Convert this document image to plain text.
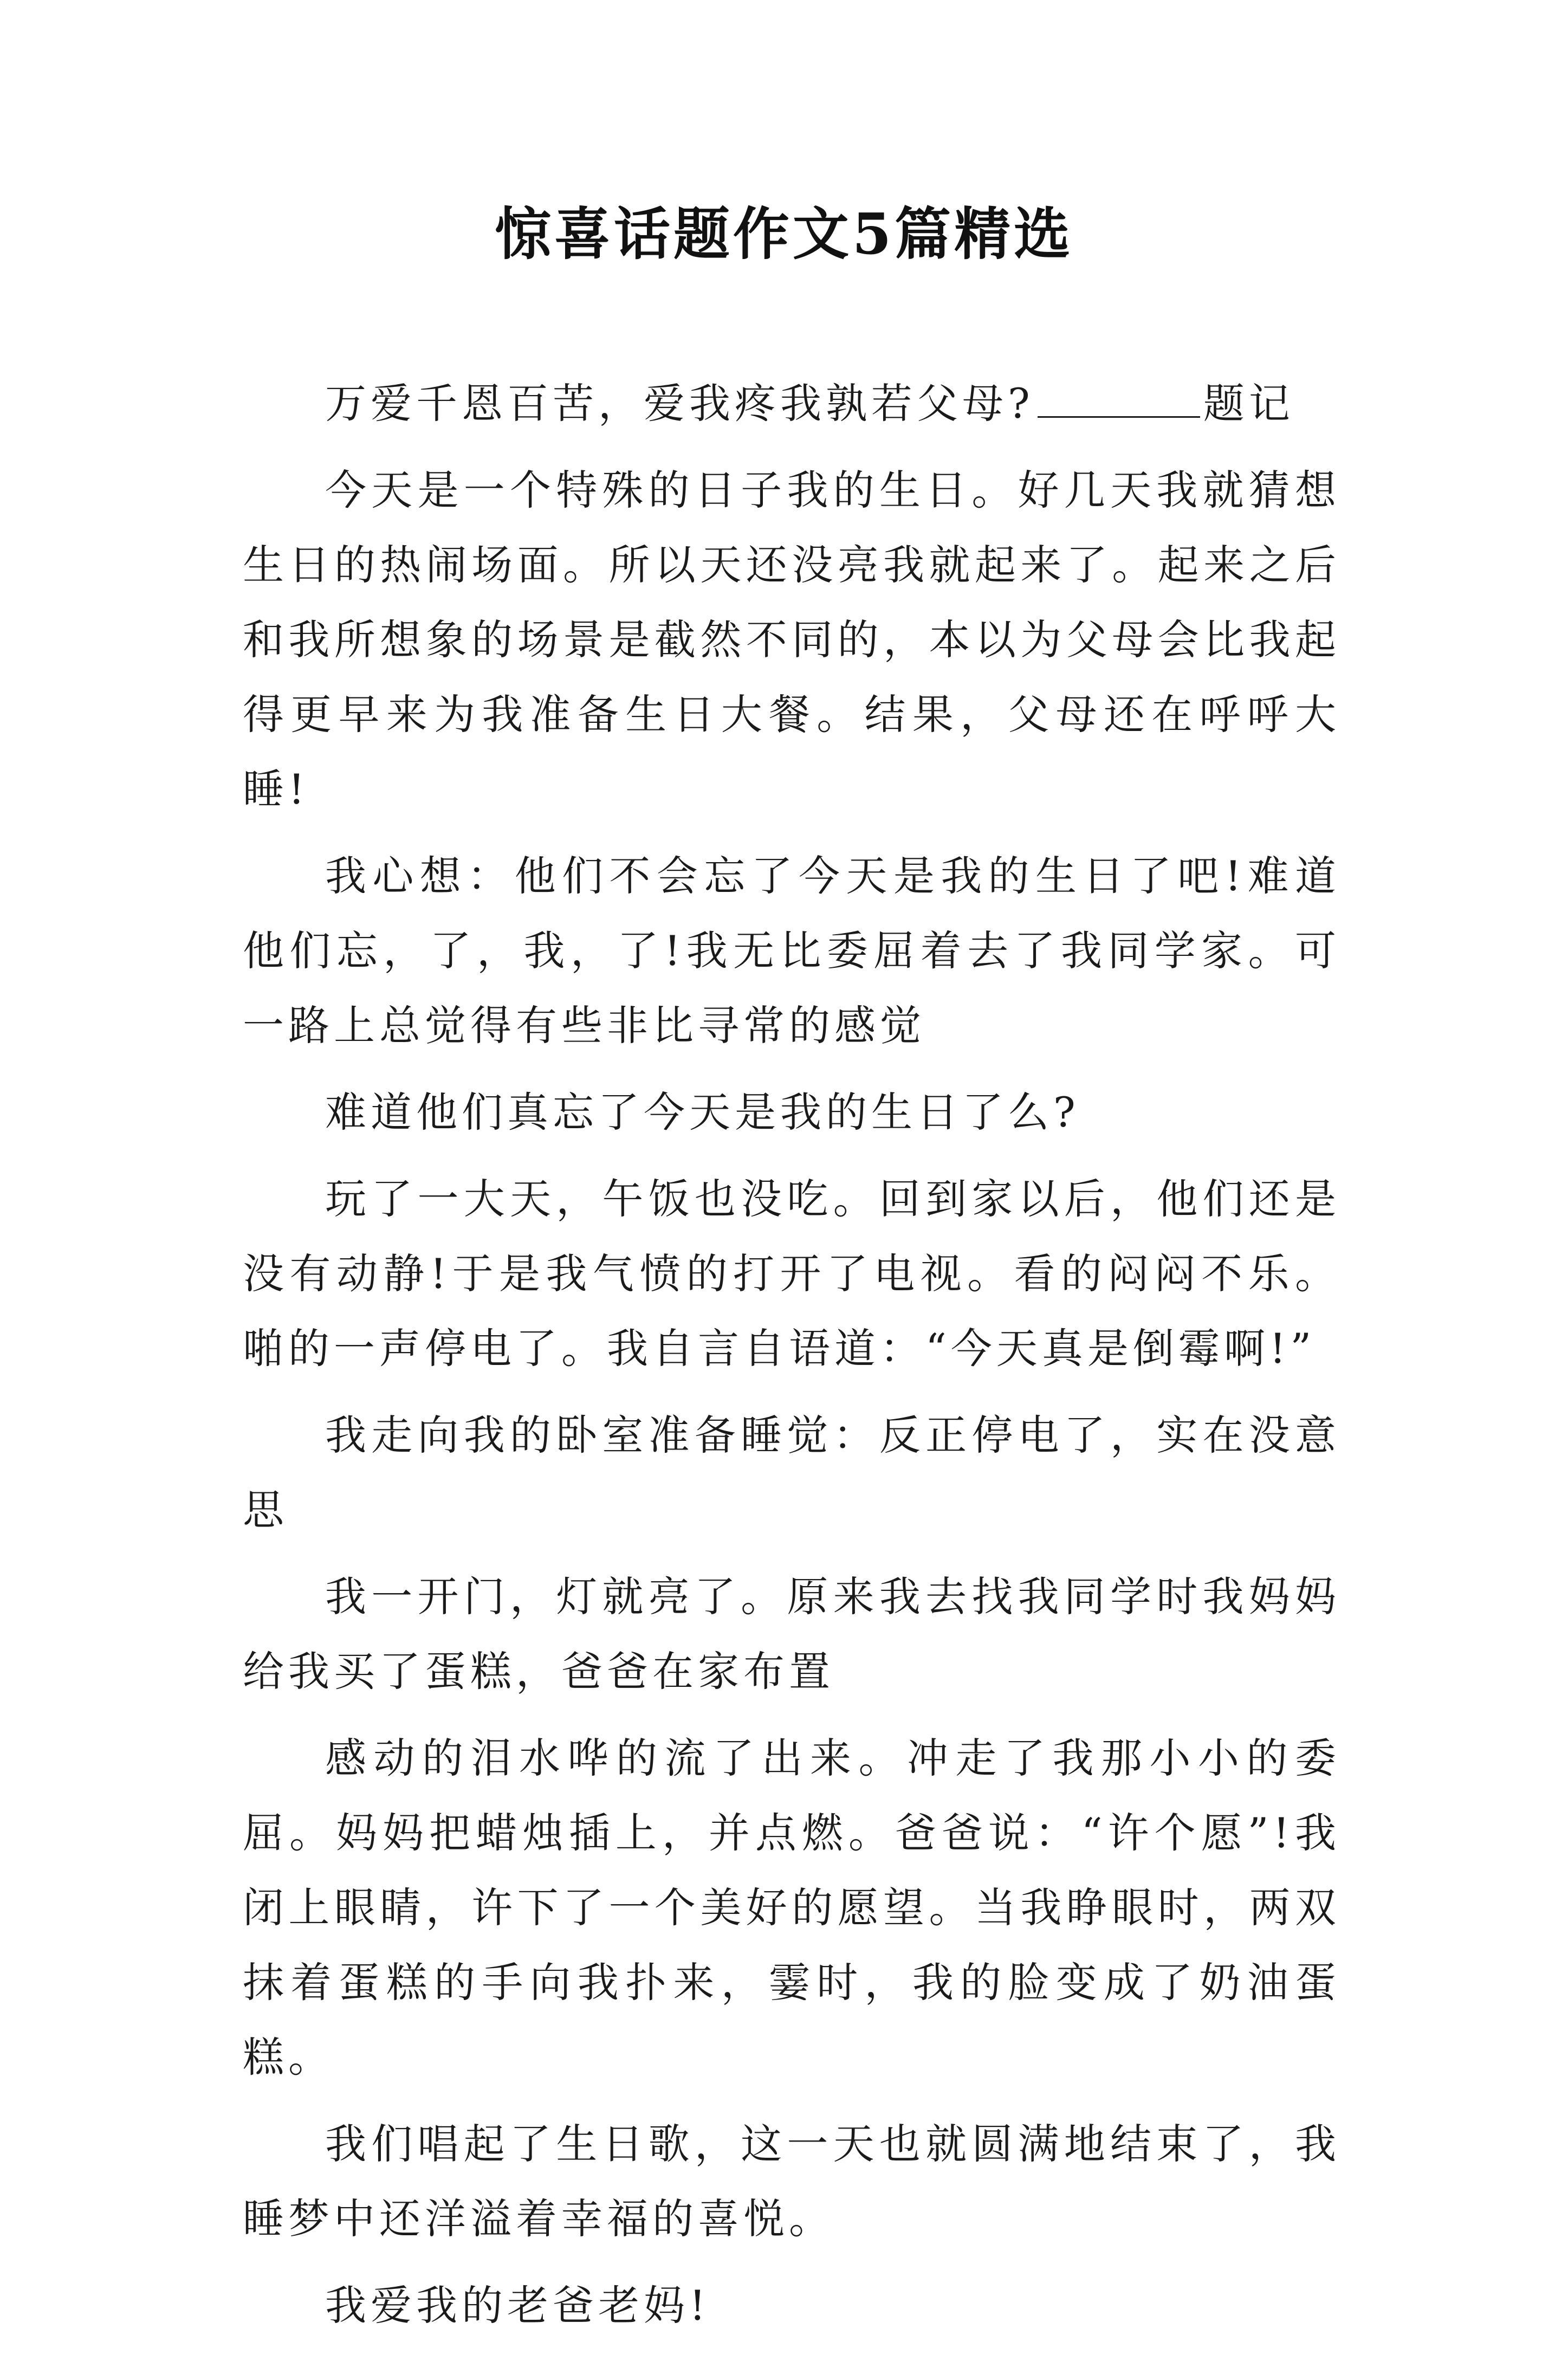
惊喜话题作文5篇精选

万爱千恩百苦，爱我疼我孰若父母?	题记

今天是一个特殊的日子我的生日。好几天我就猜想生日的热闹场面。所以天还没亮我就起来了。起来之后和我所想象的场景是截然不同的，本以为父母会比我起得更早来为我准备生日大餐。结果，父母还在呼呼大睡!

我心想：他们不会忘了今天是我的生日了吧!难道他们忘，了，我，了!我无比委屈着去了我同学家。可一路上总觉得有些非比寻常的感觉

难道他们真忘了今天是我的生日了么?

玩了一大天，午饭也没吃。回到家以后，他们还是没有动静!于是我气愤的打开了电视。看的闷闷不乐。啪的一声停电了。我自言自语道：“今天真是倒霉啊!”

我走向我的卧室准备睡觉：反正停电了，实在没意思

我一开门，灯就亮了。原来我去找我同学时我妈妈给我买了蛋糕，爸爸在家布置

感动的泪水哗的流了出来。冲走了我那小小的委屈。妈妈把蜡烛插上，并点燃。爸爸说：“许个愿”!我闭上眼睛，许下了一个美好的愿望。当我睁眼时，两双抹着蛋糕的手向我扑来，霎时，我的脸变成了奶油蛋糕。

我们唱起了生日歌，这一天也就圆满地结束了，我睡梦中还洋溢着幸福的喜悦。

我爱我的老爸老妈!
